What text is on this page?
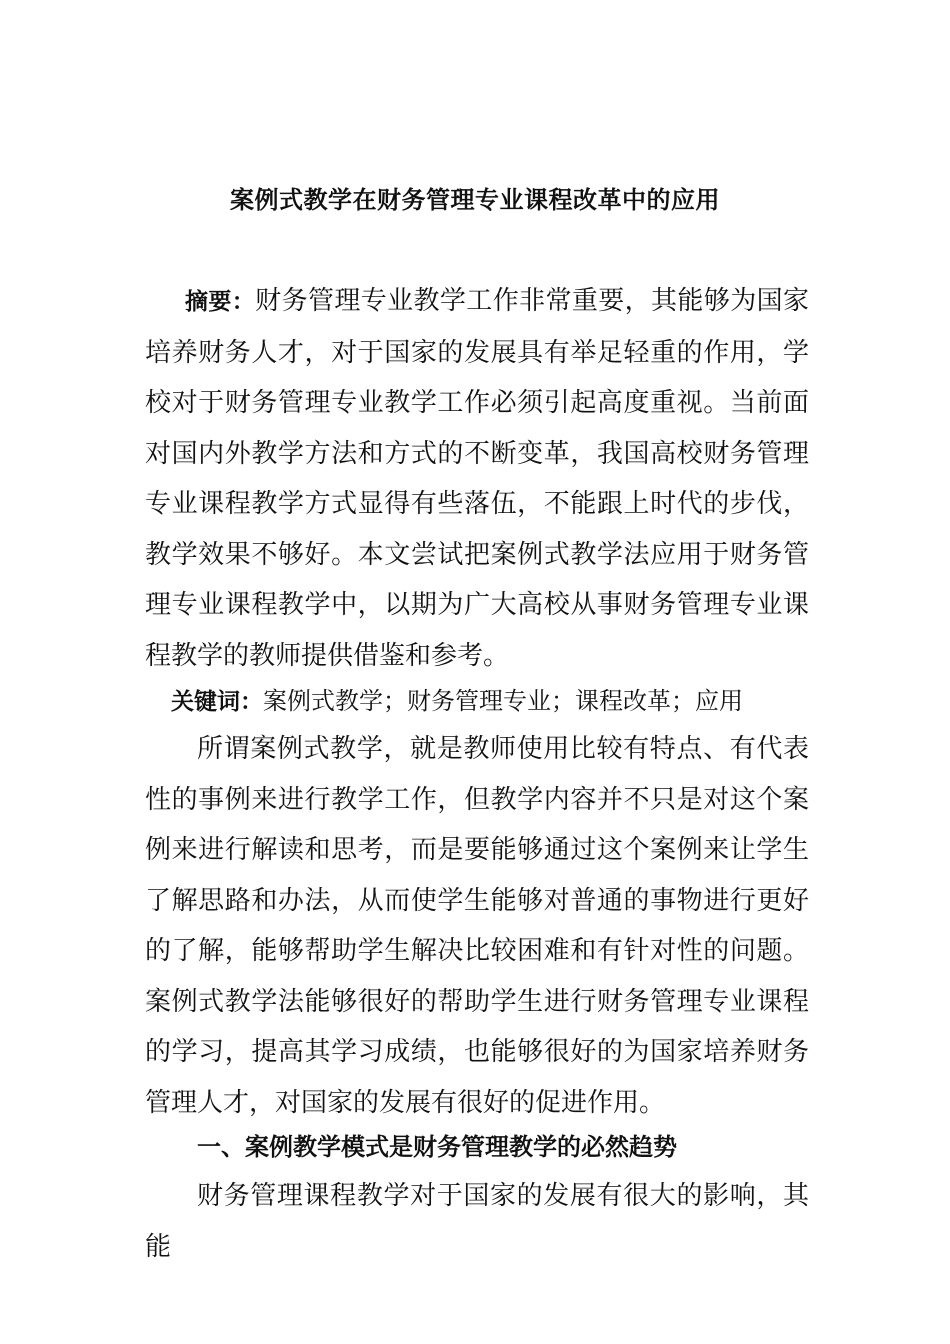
案例式教学在财务管理专业课程改革中的应用

摘要：财务管理专业教学工作非常重要，其能够为国家培养财务人才，对于国家的发展具有举足轻重的作用，学校对于财务管理专业教学工作必须引起高度重视。当前面对国内外教学方法和方式的不断变革，我国高校财务管理专业课程教学方式显得有些落伍，不能跟上时代的步伐，教学效果不够好。本文尝试把案例式教学法应用于财务管理专业课程教学中，以期为广大高校从事财务管理专业课程教学的教师提供借鉴和参考。

关键词：案例式教学；财务管理专业；课程改革；应用

所谓案例式教学，就是教师使用比较有特点、有代表性的事例来进行教学工作，但教学内容并不只是对这个案例来进行解读和思考，而是要能够通过这个案例来让学生了解思路和办法，从而使学生能够对普通的事物进行更好的了解，能够帮助学生解决比较困难和有针对性的问题。案例式教学法能够很好的帮助学生进行财务管理专业课程的学习，提高其学习成绩，也能够很好的为国家培养财务管理人才，对国家的发展有很好的促进作用。

一、案例教学模式是财务管理教学的必然趋势

财务管理课程教学对于国家的发展有很大的影响，其能
